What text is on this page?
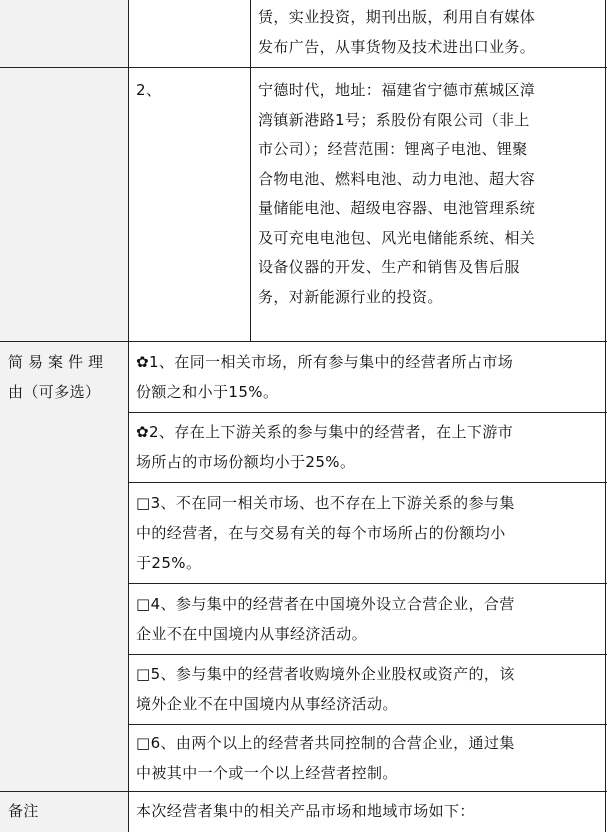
赁，实业投资，期刊出版，利用自有媒体
发布广告，从事货物及技术进出口业务。
2、	宁德时代，地址：福建省宁德市蕉城区漳
湾镇新港路1号；系股份有限公司（非上
市公司）；经营范围：锂离子电池、锂聚
合物电池、燃料电池、动力电池、超大容
量储能电池、超级电容器、电池管理系统
及可充电电池包、风光电储能系统、相关
设备仪器的开发、生产和销售及售后服
务，对新能源行业的投资。
简易案件理
由（可多选）
✿1、在同一相关市场，所有参与集中的经营者所占市场
份额之和小于15%。
✿2、存在上下游关系的参与集中的经营者，在上下游市
场所占的市场份额均小于25%。
□3、不在同一相关市场、也不存在上下游关系的参与集
中的经营者，在与交易有关的每个市场所占的份额均小
于25%。
□4、参与集中的经营者在中国境外设立合营企业，合营
企业不在中国境内从事经济活动。
□5、参与集中的经营者收购境外企业股权或资产的，该
境外企业不在中国境内从事经济活动。
□6、由两个以上的经营者共同控制的合营企业，通过集
中被其中一个或一个以上经营者控制。
备注	本次经营者集中的相关产品市场和地域市场如下：
